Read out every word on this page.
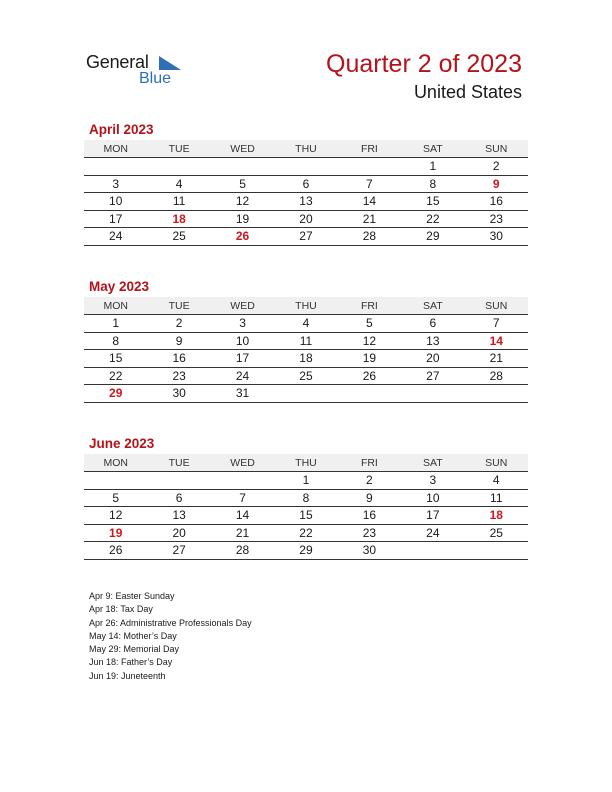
General
Blue
Quarter 2 of 2023
United States
April 2023
MON	TUE	WED	THU	FRI	SAT	SUN
					1	2
3	4	5	6	7	8	9
10	11	12	13	14	15	16
17	18	19	20	21	22	23
24	25	26	27	28	29	30
May 2023
MON	TUE	WED	THU	FRI	SAT	SUN
1	2	3	4	5	6	7
8	9	10	11	12	13	14
15	16	17	18	19	20	21
22	23	24	25	26	27	28
29	30	31				
June 2023
MON	TUE	WED	THU	FRI	SAT	SUN
			1	2	3	4
5	6	7	8	9	10	11
12	13	14	15	16	17	18
19	20	21	22	23	24	25
26	27	28	29	30		
Apr 9: Easter Sunday
Apr 18: Tax Day
Apr 26: Administrative Professionals Day
May 14: Mother’s Day
May 29: Memorial Day
Jun 18: Father’s Day
Jun 19: Juneteenth
